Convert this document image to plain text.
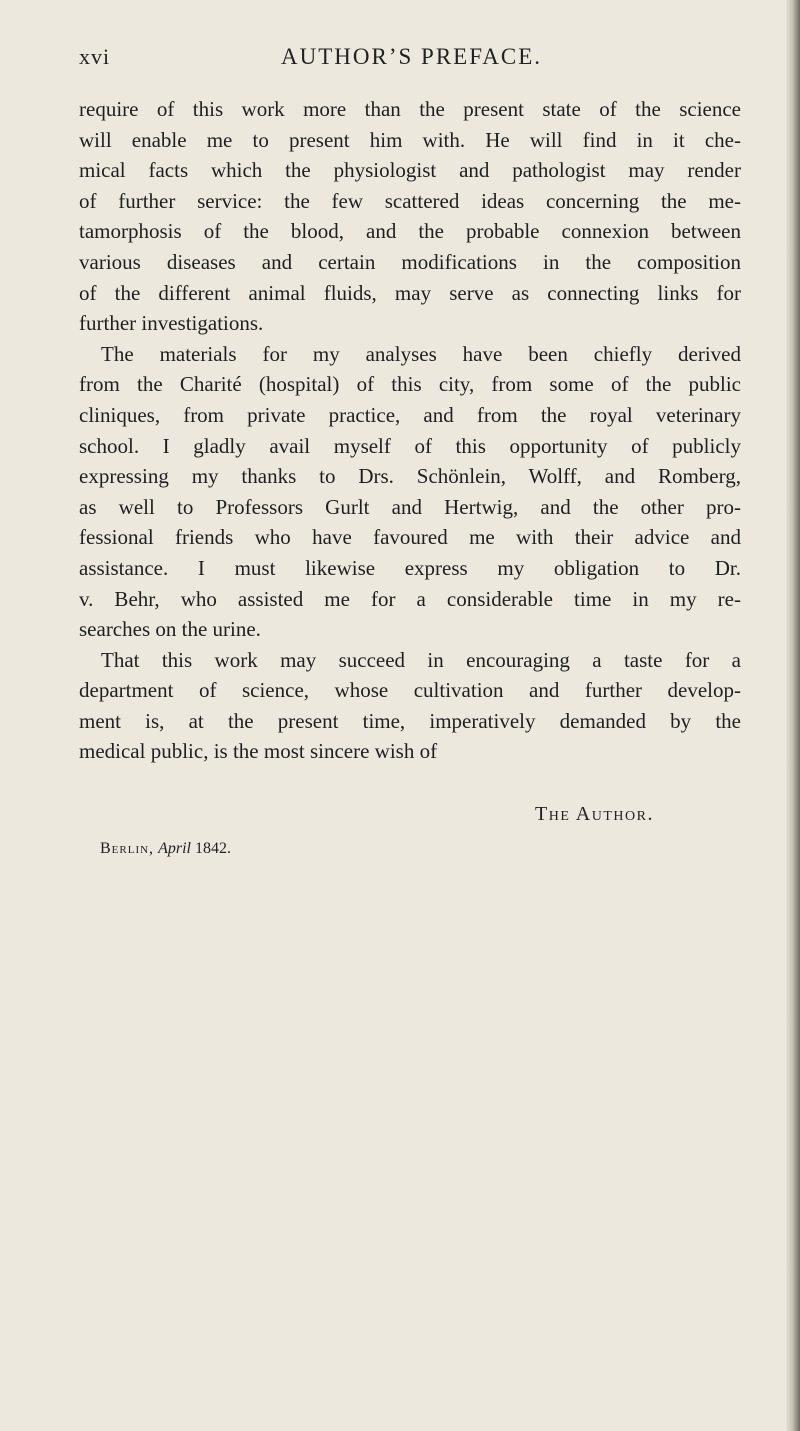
xvi	AUTHOR’S PREFACE.
require of this work more than the present state of the science
will enable me to present him with. He will find in it che-
mical facts which the physiologist and pathologist may render
of further service: the few scattered ideas concerning the me-
tamorphosis of the blood, and the probable connexion between
various diseases and certain modifications in the composition
of the different animal fluids, may serve as connecting links for
further investigations.
The materials for my analyses have been chiefly derived
from the Charité (hospital) of this city, from some of the public
cliniques, from private practice, and from the royal veterinary
school. I gladly avail myself of this opportunity of publicly
expressing my thanks to Drs. Schönlein, Wolff, and Romberg,
as well to Professors Gurlt and Hertwig, and the other pro-
fessional friends who have favoured me with their advice and
assistance. I must likewise express my obligation to Dr.
v. Behr, who assisted me for a considerable time in my re-
searches on the urine.
That this work may succeed in encouraging a taste for a
department of science, whose cultivation and further develop-
ment is, at the present time, imperatively demanded by the
medical public, is the most sincere wish of
The Author.
Berlin, April 1842.
